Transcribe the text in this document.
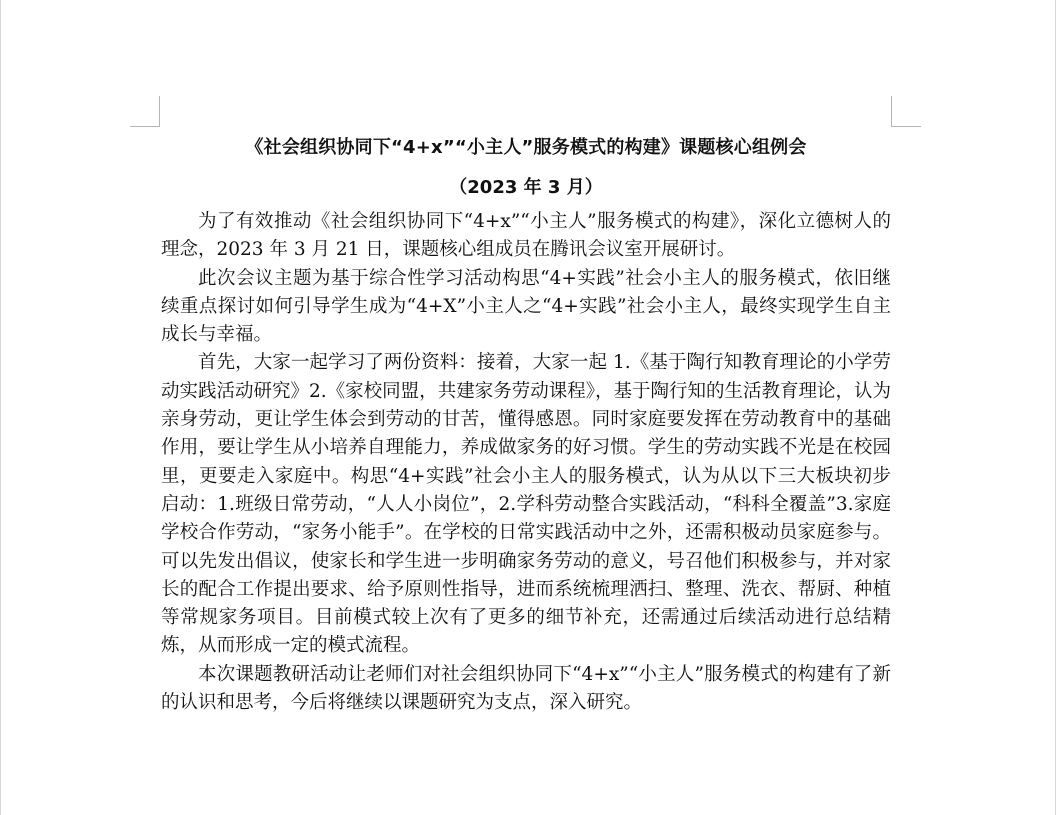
《社会组织协同下“4+x”“小主人”服务模式的构建》课题核心组例会
（2023 年 3 月）

为了有效推动《社会组织协同下“4+x”“小主人”服务模式的构建》，深化立德树人的理念，2023 年 3 月 21 日，课题核心组成员在腾讯会议室开展研讨。

此次会议主题为基于综合性学习活动构思“4+实践”社会小主人的服务模式，依旧继续重点探讨如何引导学生成为“4+X”小主人之“4+实践”社会小主人，最终实现学生自主成长与幸福。

首先，大家一起学习了两份资料：接着，大家一起 1.《基于陶行知教育理论的小学劳动实践活动研究》2.《家校同盟，共建家务劳动课程》，基于陶行知的生活教育理论，认为亲身劳动，更让学生体会到劳动的甘苦，懂得感恩。同时家庭要发挥在劳动教育中的基础作用，要让学生从小培养自理能力，养成做家务的好习惯。学生的劳动实践不光是在校园里，更要走入家庭中。构思“4+实践”社会小主人的服务模式，认为从以下三大板块初步启动：1.班级日常劳动，“人人小岗位”，2.学科劳动整合实践活动，“科科全覆盖”3.家庭学校合作劳动，“家务小能手”。在学校的日常实践活动中之外，还需积极动员家庭参与。可以先发出倡议，使家长和学生进一步明确家务劳动的意义，号召他们积极参与，并对家长的配合工作提出要求、给予原则性指导，进而系统梳理洒扫、整理、洗衣、帮厨、种植等常规家务项目。目前模式较上次有了更多的细节补充，还需通过后续活动进行总结精炼，从而形成一定的模式流程。

本次课题教研活动让老师们对社会组织协同下“4+x”“小主人”服务模式的构建有了新的认识和思考，今后将继续以课题研究为支点，深入研究。
